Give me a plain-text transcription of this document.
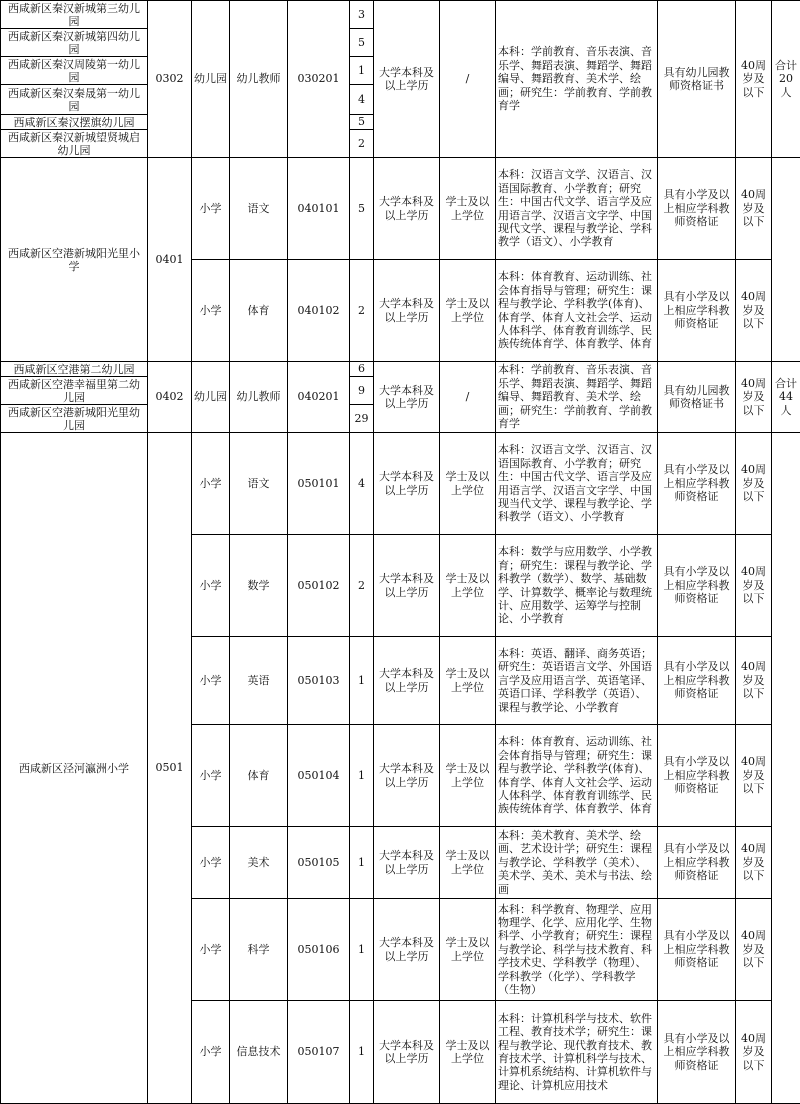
西咸新区秦汉新城第三幼儿园	0302	幼儿园	幼儿教师	030201	3	大学本科及以上学历	/	本科：学前教育、音乐表演、音乐学、舞蹈表演、舞蹈学、舞蹈编导、舞蹈教育、美术学、绘画；研究生：学前教育、学前教育学	具有幼儿园教师资格证书	40周岁及以下	合计20人
西咸新区秦汉新城第四幼儿园					5						
西咸新区秦汉周陵第一幼儿园					1						
西咸新区秦汉秦晟第一幼儿园					4						
西咸新区秦汉摆旗幼儿园					5						
西咸新区秦汉新城望贤城启幼儿园					2						
西咸新区空港新城阳光里小学	0401	小学	语文	040101	5	大学本科及以上学历	学士及以上学位	本科：汉语言文学、汉语言、汉语国际教育、小学教育；研究生：中国古代文学、语言学及应用语言学、汉语言文字学、中国现代文学、课程与教学论、学科教学（语文）、小学教育	具有小学及以上相应学科教师资格证	40周岁及以下	
		小学	体育	040102	2	大学本科及以上学历	学士及以上学位	本科：体育教育、运动训练、社会体育指导与管理；研究生：课程与教学论、学科教学(体育)、体育学、体育人文社会学、运动人体科学、体育教育训练学、民族传统体育学、体育教学、体育	具有小学及以上相应学科教师资格证	40周岁及以下	
西咸新区空港第二幼儿园	0402	幼儿园	幼儿教师	040201	6	大学本科及以上学历	/	本科：学前教育、音乐表演、音乐学、舞蹈表演、舞蹈学、舞蹈编导、舞蹈教育、美术学、绘画；研究生：学前教育、学前教育学	具有幼儿园教师资格证书	40周岁及以下	合计44人
西咸新区空港幸福里第二幼儿园					9						
西咸新区空港新城阳光里幼儿园					29						
西咸新区泾河瀛洲小学	0501	小学	语文	050101	4	大学本科及以上学历	学士及以上学位	本科：汉语言文学、汉语言、汉语国际教育、小学教育；研究生：中国古代文学、语言学及应用语言学、汉语言文字学、中国现当代文学、课程与教学论、学科教学（语文）、小学教育	具有小学及以上相应学科教师资格证	40周岁及以下	
		小学	数学	050102	2	大学本科及以上学历	学士及以上学位	本科：数学与应用数学、小学教育；研究生：课程与教学论、学科教学（数学）、数学、基础数学、计算数学、概率论与数理统计、应用数学、运筹学与控制论、小学教育	具有小学及以上相应学科教师资格证	40周岁及以下	
		小学	英语	050103	1	大学本科及以上学历	学士及以上学位	本科：英语、翻译、商务英语；研究生：英语语言文学、外国语言学及应用语言学、英语笔译、英语口译、学科教学（英语）、课程与教学论、小学教育	具有小学及以上相应学科教师资格证	40周岁及以下	
		小学	体育	050104	1	大学本科及以上学历	学士及以上学位	本科：体育教育、运动训练、社会体育指导与管理；研究生：课程与教学论、学科教学(体育)、体育学、体育人文社会学、运动人体科学、体育教育训练学、民族传统体育学、体育教学、体育	具有小学及以上相应学科教师资格证	40周岁及以下	
		小学	美术	050105	1	大学本科及以上学历	学士及以上学位	本科：美术教育、美术学、绘画、艺术设计学；研究生：课程与教学论、学科教学（美术）、美术学、美术、美术与书法、绘画	具有小学及以上相应学科教师资格证	40周岁及以下	
		小学	科学	050106	1	大学本科及以上学历	学士及以上学位	本科：科学教育、物理学、应用物理学、化学、应用化学、生物科学、小学教育；研究生：课程与教学论、科学与技术教育、科学技术史、学科教学（物理）、学科教学（化学）、学科教学（生物）	具有小学及以上相应学科教师资格证	40周岁及以下	
		小学	信息技术	050107	1	大学本科及以上学历	学士及以上学位	本科：计算机科学与技术、软件工程、教育技术学；研究生：课程与教学论、现代教育技术、教育技术学、计算机科学与技术、计算机系统结构、计算机软件与理论、计算机应用技术	具有小学及以上相应学科教师资格证	40周岁及以下	
